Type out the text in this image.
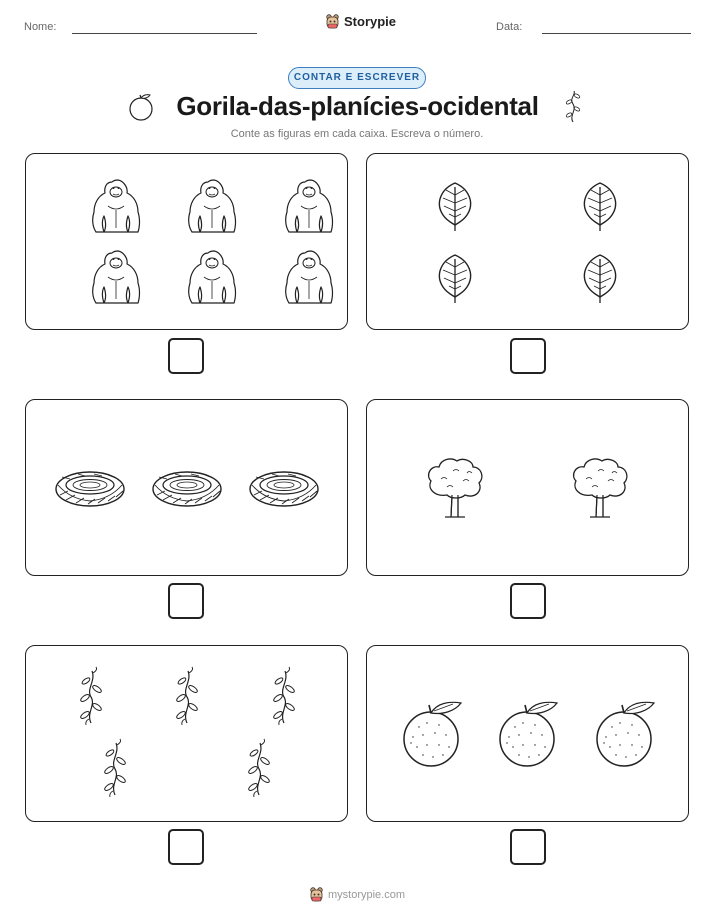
Nome:	Storypie	Data:
CONTAR E ESCREVER
Gorila-das-planícies-ocidental
Conte as figuras em cada caixa. Escreva o número.
mystorypie.com
